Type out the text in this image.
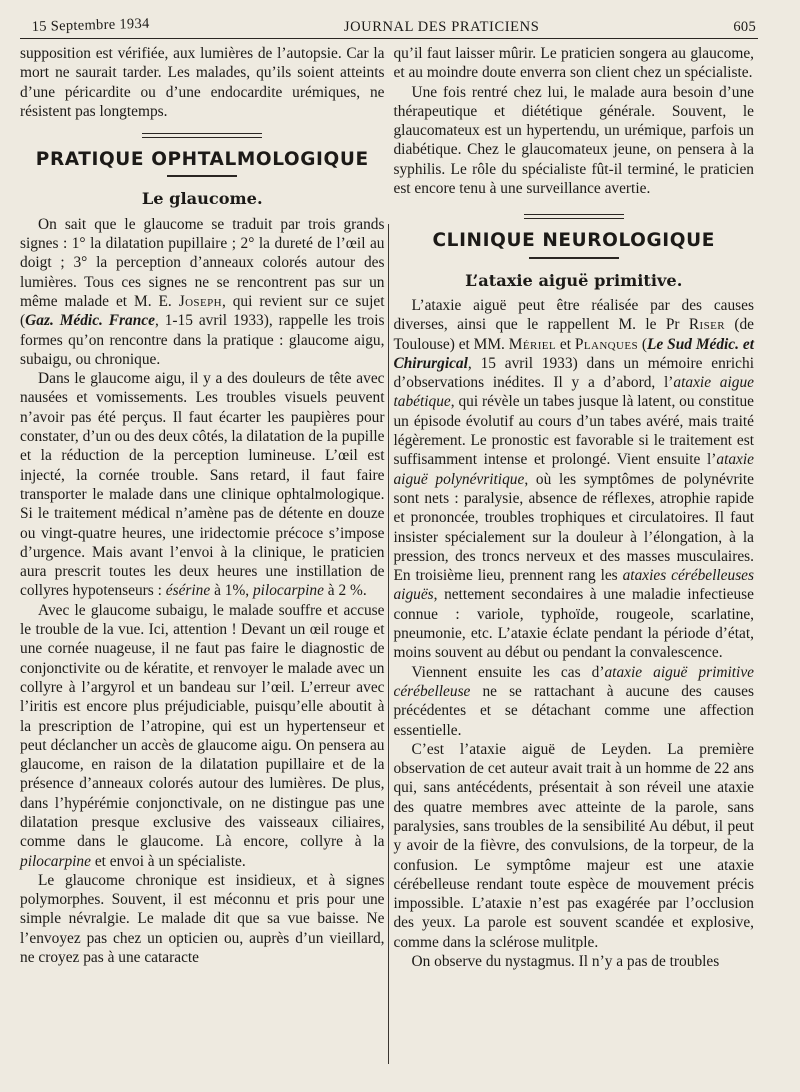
15 Septembre 1934	JOURNAL DES PRATICIENS	605

supposition est vérifiée, aux lumières de l’autopsie. Car la mort ne saurait tarder. Les malades, qu’ils soient atteints d’une péricardite ou d’une endocardite urémiques, ne résistent pas longtemps.

PRATIQUE OPHTALMOLOGIQUE
Le glaucome.

On sait que le glaucome se traduit par trois grands signes : 1° la dilatation pupillaire ; 2° la dureté de l’œil au doigt ; 3° la perception d’anneaux colorés autour des lumières. Tous ces signes ne se rencontrent pas sur un même malade et M. E. Joseph, qui revient sur ce sujet (Gaz. Médic. France, 1-15 avril 1933), rappelle les trois formes qu’on rencontre dans la pratique : glaucome aigu, subaigu, ou chronique.

Dans le glaucome aigu, il y a des douleurs de tête avec nausées et vomissements. Les troubles visuels peuvent n’avoir pas été perçus. Il faut écarter les paupières pour constater, d’un ou des deux côtés, la dilatation de la pupille et la réduction de la perception lumineuse. L’œil est injecté, la cornée trouble. Sans retard, il faut faire transporter le malade dans une clinique ophtalmologique. Si le traitement médical n’amène pas de détente en douze ou vingt-quatre heures, une iridectomie précoce s’impose d’urgence. Mais avant l’envoi à la clinique, le praticien aura prescrit toutes les deux heures une instillation de collyres hypotenseurs : ésérine à 1%, pilocarpine à 2 %.

Avec le glaucome subaigu, le malade souffre et accuse le trouble de la vue. Ici, attention ! Devant un œil rouge et une cornée nuageuse, il ne faut pas faire le diagnostic de conjonctivite ou de kératite, et renvoyer le malade avec un collyre à l’argyrol et un bandeau sur l’œil. L’erreur avec l’iritis est encore plus préjudiciable, puisqu’elle aboutit à la prescription de l’atropine, qui est un hypertenseur et peut déclancher un accès de glaucome aigu. On pensera au glaucome, en raison de la dilatation pupillaire et de la présence d’anneaux colorés autour des lumières. De plus, dans l’hypérémie conjonctivale, on ne distingue pas une dilatation presque exclusive des vaisseaux ciliaires, comme dans le glaucome. Là encore, collyre à la pilocarpine et envoi à un spécialiste.

Le glaucome chronique est insidieux, et à signes polymorphes. Souvent, il est méconnu et pris pour une simple névralgie. Le malade dit que sa vue baisse. Ne l’envoyez pas chez un opticien ou, auprès d’un vieillard, ne croyez pas à une cataracte

qu’il faut laisser mûrir. Le praticien songera au glaucome, et au moindre doute enverra son client chez un spécialiste.

Une fois rentré chez lui, le malade aura besoin d’une thérapeutique et diététique générale. Souvent, le glaucomateux est un hypertendu, un urémique, parfois un diabétique. Chez le glaucomateux jeune, on pensera à la syphilis. Le rôle du spécialiste fût-il terminé, le praticien est encore tenu à une surveillance avertie.

CLINIQUE NEUROLOGIQUE
L’ataxie aiguë primitive.

L’ataxie aiguë peut être réalisée par des causes diverses, ainsi que le rappellent M. le Pr Riser (de Toulouse) et MM. Mériel et Planques (Le Sud Médic. et Chirurgical, 15 avril 1933) dans un mémoire enrichi d’observations inédites. Il y a d’abord, l’ataxie aigue tabétique, qui révèle un tabes jusque là latent, ou constitue un épisode évolutif au cours d’un tabes avéré, mais traité légèrement. Le pronostic est favorable si le traitement est suffisamment intense et prolongé. Vient ensuite l’ataxie aiguë polynévritique, où les symptômes de polynévrite sont nets : paralysie, absence de réflexes, atrophie rapide et prononcée, troubles trophiques et circulatoires. Il faut insister spécialement sur la douleur à l’élongation, à la pression, des troncs nerveux et des masses musculaires. En troisième lieu, prennent rang les ataxies cérébelleuses aiguës, nettement secondaires à une maladie infectieuse connue : variole, typhoïde, rougeole, scarlatine, pneumonie, etc. L’ataxie éclate pendant la période d’état, moins souvent au début ou pendant la convalescence.

Viennent ensuite les cas d’ataxie aiguë primitive cérébelleuse ne se rattachant à aucune des causes précédentes et se détachant comme une affection essentielle.

C’est l’ataxie aiguë de Leyden. La première observation de cet auteur avait trait à un homme de 22 ans qui, sans antécédents, présentait à son réveil une ataxie des quatre membres avec atteinte de la parole, sans paralysies, sans troubles de la sensibilité Au début, il peut y avoir de la fièvre, des convulsions, de la torpeur, de la confusion. Le symptôme majeur est une ataxie cérébelleuse rendant toute espèce de mouvement précis impossible. L’ataxie n’est pas exagérée par l’occlusion des yeux. La parole est souvent scandée et explosive, comme dans la sclérose mulitple.

On observe du nystagmus. Il n’y a pas de troubles
